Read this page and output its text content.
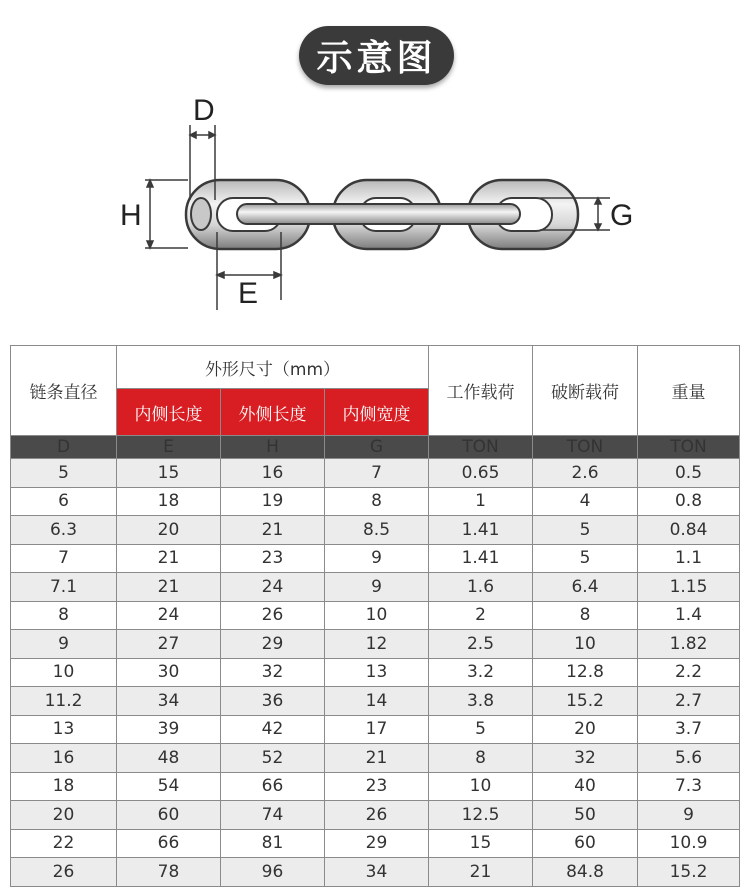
示意图
D
H
E
G
链条直径	外形尺寸（mm）			工作载荷	破断载荷	重量
	内侧长度	外侧长度	内侧宽度			
D	E	H	G	TON	TON	TON
5	15	16	7	0.65	2.6	0.5
6	18	19	8	1	4	0.8
6.3	20	21	8.5	1.41	5	0.84
7	21	23	9	1.41	5	1.1
7.1	21	24	9	1.6	6.4	1.15
8	24	26	10	2	8	1.4
9	27	29	12	2.5	10	1.82
10	30	32	13	3.2	12.8	2.2
11.2	34	36	14	3.8	15.2	2.7
13	39	42	17	5	20	3.7
16	48	52	21	8	32	5.6
18	54	66	23	10	40	7.3
20	60	74	26	12.5	50	9
22	66	81	29	15	60	10.9
26	78	96	34	21	84.8	15.2
